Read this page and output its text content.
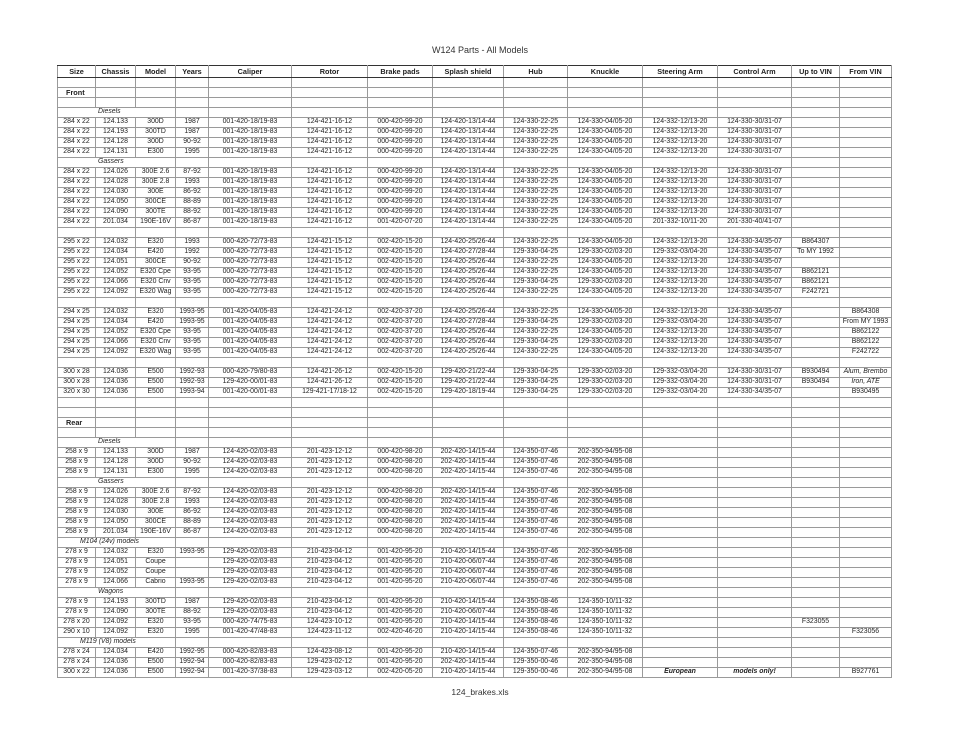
W124 Parts - All Models
Size	Chassis	Model	Years	Caliper	Rotor	Brake pads	Splash shield	Hub	Knuckle	Steering Arm	Control Arm	Up to VIN	From VIN

Front													

Diesels													
284 x 22	124.133	300D	1987	001-420-18/19-83	124-421-16-12	000-420-99-20	124-420-13/14-44	124-330-22-25	124-330-04/05-20	124-332-12/13-20	124-330-30/31-07		
284 x 22	124.193	300TD	1987	001-420-18/19-83	124-421-16-12	000-420-99-20	124-420-13/14-44	124-330-22-25	124-330-04/05-20	124-332-12/13-20	124-330-30/31-07		
284 x 22	124.128	300D	90-92	001-420-18/19-83	124-421-16-12	000-420-99-20	124-420-13/14-44	124-330-22-25	124-330-04/05-20	124-332-12/13-20	124-330-30/31-07		
284 x 22	124.131	E300	1995	001-420-18/19-83	124-421-16-12	000-420-99-20	124-420-13/14-44	124-330-22-25	124-330-04/05-20	124-332-12/13-20	124-330-30/31-07		
Gassers													
284 x 22	124.026	300E 2.6	87-92	001-420-18/19-83	124-421-16-12	000-420-99-20	124-420-13/14-44	124-330-22-25	124-330-04/05-20	124-332-12/13-20	124-330-30/31-07		
284 x 22	124.028	300E 2.8	1993	001-420-18/19-83	124-421-16-12	000-420-99-20	124-420-13/14-44	124-330-22-25	124-330-04/05-20	124-332-12/13-20	124-330-30/31-07		
284 x 22	124.030	300E	86-92	001-420-18/19-83	124-421-16-12	000-420-99-20	124-420-13/14-44	124-330-22-25	124-330-04/05-20	124-332-12/13-20	124-330-30/31-07		
284 x 22	124.050	300CE	88-89	001-420-18/19-83	124-421-16-12	000-420-99-20	124-420-13/14-44	124-330-22-25	124-330-04/05-20	124-332-12/13-20	124-330-30/31-07		
284 x 22	124.090	300TE	88-92	001-420-18/19-83	124-421-16-12	000-420-99-20	124-420-13/14-44	124-330-22-25	124-330-04/05-20	124-332-12/13-20	124-330-30/31-07		
284 x 22	201.034	190E-16V	86-87	001-420-18/19-83	124-421-16-12	001-420-07-20	124-420-13/14-44	124-330-22-25	124-330-04/05-20	201-332-10/11-20	201-330-40/41-07		

295 x 22	124.032	E320	1993	000-420-72/73-83	124-421-15-12	002-420-15-20	124-420-25/26-44	124-330-22-25	124-330-04/05-20	124-332-12/13-20	124-330-34/35-07	B864307	
295 x 22	124.034	E420	1992	000-420-72/73-83	124-421-15-12	002-420-15-20	124-420-27/28-44	129-330-04-25	129-330-02/03-20	129-332-03/04-20	124-330-34/35-07	To MY 1992	
295 x 22	124.051	300CE	90-92	000-420-72/73-83	124-421-15-12	002-420-15-20	124-420-25/26-44	124-330-22-25	124-330-04/05-20	124-332-12/13-20	124-330-34/35-07		
295 x 22	124.052	E320 Cpe	93-95	000-420-72/73-83	124-421-15-12	002-420-15-20	124-420-25/26-44	124-330-22-25	124-330-04/05-20	124-332-12/13-20	124-330-34/35-07	B862121	
295 x 22	124.066	E320 Cnv	93-95	000-420-72/73-83	124-421-15-12	002-420-15-20	124-420-25/26-44	129-330-04-25	129-330-02/03-20	124-332-12/13-20	124-330-34/35-07	B862121	
295 x 22	124.092	E320 Wag	93-95	000-420-72/73-83	124-421-15-12	002-420-15-20	124-420-25/26-44	124-330-22-25	124-330-04/05-20	124-332-12/13-20	124-330-34/35-07	F242721	

294 x 25	124.032	E320	1993-95	001-420-04/05-83	124-421-24-12	002-420-37-20	124-420-25/26-44	124-330-22-25	124-330-04/05-20	124-332-12/13-20	124-330-34/35-07		B864308
294 x 25	124.034	E420	1993-95	001-420-04/05-83	124-421-24-12	002-420-37-20	124-420-27/28-44	129-330-04-25	129-330-02/03-20	129-332-03/04-20	124-330-34/35-07		From MY 1993
294 x 25	124.052	E320 Cpe	93-95	001-420-04/05-83	124-421-24-12	002-420-37-20	124-420-25/26-44	124-330-22-25	124-330-04/05-20	124-332-12/13-20	124-330-34/35-07		B862122
294 x 25	124.066	E320 Cnv	93-95	001-420-04/05-83	124-421-24-12	002-420-37-20	124-420-25/26-44	129-330-04-25	129-330-02/03-20	124-332-12/13-20	124-330-34/35-07		B862122
294 x 25	124.092	E320 Wag	93-95	001-420-04/05-83	124-421-24-12	002-420-37-20	124-420-25/26-44	124-330-22-25	124-330-04/05-20	124-332-12/13-20	124-330-34/35-07		F242722

300 x 28	124.036	E500	1992-93	000-420-79/80-83	124-421-26-12	002-420-15-20	129-420-21/22-44	129-330-04-25	129-330-02/03-20	129-332-03/04-20	124-330-30/31-07	B930494	Alum, Brembo
300 x 28	124.036	E500	1992-93	129-420-00/01-83	124-421-26-12	002-420-15-20	129-420-21/22-44	129-330-04-25	129-330-02/03-20	129-332-03/04-20	124-330-30/31-07	B930494	Iron, ATE
320 x 30	124.036	E500	1993-94	001-420-00/01-83	129-421-17/18-12	002-420-15-20	129-420-18/19-44	129-330-04-25	129-330-02/03-20	129-332-03/04-20	124-330-34/35-07		B930495

Rear													

Diesels													
258 x 9	124.133	300D	1987	124-420-02/03-83	201-423-12-12	000-420-98-20	202-420-14/15-44	124-350-07-46	202-350-94/95-08				
258 x 9	124.128	300D	90-92	124-420-02/03-83	201-423-12-12	000-420-98-20	202-420-14/15-44	124-350-07-46	202-350-94/95-08				
258 x 9	124.131	E300	1995	124-420-02/03-83	201-423-12-12	000-420-98-20	202-420-14/15-44	124-350-07-46	202-350-94/95-08				
Gassers													
258 x 9	124.026	300E 2.6	87-92	124-420-02/03-83	201-423-12-12	000-420-98-20	202-420-14/15-44	124-350-07-46	202-350-94/95-08				
258 x 9	124.028	300E 2.8	1993	124-420-02/03-83	201-423-12-12	000-420-98-20	202-420-14/15-44	124-350-07-46	202-350-94/95-08				
258 x 9	124.030	300E	86-92	124-420-02/03-83	201-423-12-12	000-420-98-20	202-420-14/15-44	124-350-07-46	202-350-94/95-08				
258 x 9	124.050	300CE	88-89	124-420-02/03-83	201-423-12-12	000-420-98-20	202-420-14/15-44	124-350-07-46	202-350-94/95-08				
258 x 9	201.034	190E-16V	86-87	124-420-02/03-83	201-423-12-12	000-420-98-20	202-420-14/15-44	124-350-07-46	202-350-94/95-08				
M104 (24v) models													
278 x 9	124.032	E320	1993-95	129-420-02/03-83	210-423-04-12	001-420-95-20	210-420-14/15-44	124-350-07-46	202-350-94/95-08				
278 x 9	124.051	Coupe		129-420-02/03-83	210-423-04-12	001-420-95-20	210-420-06/07-44	124-350-07-46	202-350-94/95-08				
278 x 9	124.052	Coupe		129-420-02/03-83	210-423-04-12	001-420-95-20	210-420-06/07-44	124-350-07-46	202-350-94/95-08				
278 x 9	124.066	Cabrio	1993-95	129-420-02/03-83	210-423-04-12	001-420-95-20	210-420-06/07-44	124-350-07-46	202-350-94/95-08				
Wagons													
278 x 9	124.193	300TD	1987	129-420-02/03-83	210-423-04-12	001-420-95-20	210-420-14/15-44	124-350-08-46	124-350-10/11-32				
278 x 9	124.090	300TE	88-92	129-420-02/03-83	210-423-04-12	001-420-95-20	210-420-06/07-44	124-350-08-46	124-350-10/11-32				
278 x 20	124.092	E320	93-95	000-420-74/75-83	124-423-10-12	001-420-95-20	210-420-14/15-44	124-350-08-46	124-350-10/11-32			F323055	
290 x 10	124.092	E320	1995	001-420-47/48-83	124-423-11-12	002-420-46-20	210-420-14/15-44	124-350-08-46	124-350-10/11-32				F323056
M119 (V8) models													
278 x 24	124.034	E420	1992-95	000-420-82/83-83	124-423-08-12	001-420-95-20	210-420-14/15-44	124-350-07-46	202-350-94/95-08				
278 x 24	124.036	E500	1992-94	000-420-82/83-83	129-423-02-12	001-420-95-20	202-420-14/15-44	129-350-00-46	202-350-94/95-08				
300 x 22	124.036	E500	1992-94	001-420-37/38-83	129-423-03-12	002-420-05-20	210-420-14/15-44	129-350-00-46	202-350-94/95-08	European	models only!		B927761
124_brakes.xls
